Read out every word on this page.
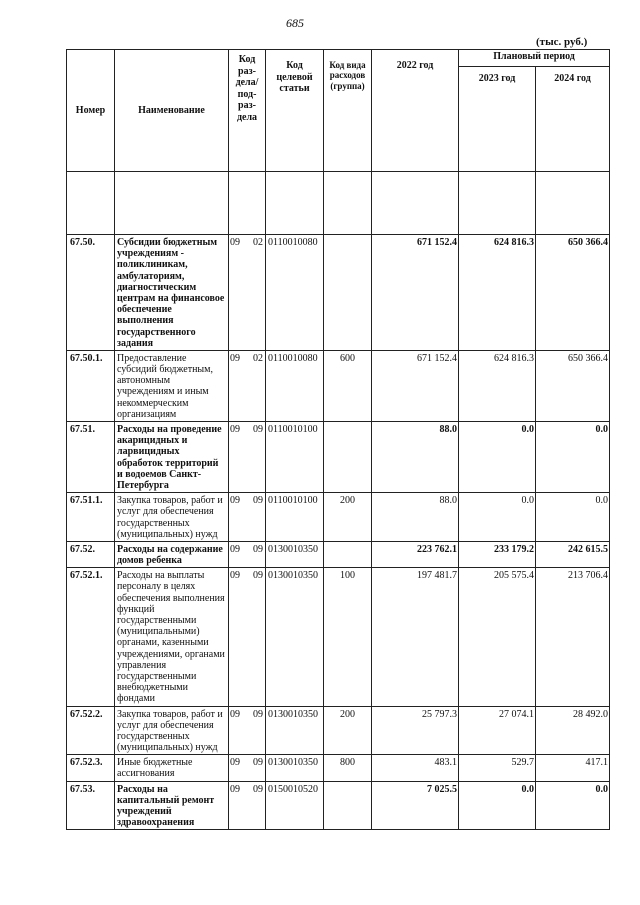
685
(тыс. руб.)
Номер	Наименование	Код раз- дела/ под- раз- дела		Код целевой статьи	Код вида расходов (группа)	2022 год	Плановый период	
							2023 год	2024 год

67.50.	Субсидии бюджетным учреждениям - поликлиникам, амбулаториям, диагностическим центрам на финансовое обеспечение выполнения государственного задания	09	02	0110010080		671 152.4	624 816.3	650 366.4
67.50.1.	Предоставление субсидий бюджетным, автономным учреждениям и иным некоммерческим организациям	09	02	0110010080	600	671 152.4	624 816.3	650 366.4
67.51.	Расходы на проведение акарицидных и ларвицидных обработок территорий и водоемов Санкт-Петербурга	09	09	0110010100		88.0	0.0	0.0
67.51.1.	Закупка товаров, работ и услуг для обеспечения государственных (муниципальных) нужд	09	09	0110010100	200	88.0	0.0	0.0
67.52.	Расходы на содержание домов ребенка	09	09	0130010350		223 762.1	233 179.2	242 615.5
67.52.1.	Расходы на выплаты персоналу в целях обеспечения выполнения функций государственными (муниципальными) органами, казенными учреждениями, органами управления государственными внебюджетными фондами	09	09	0130010350	100	197 481.7	205 575.4	213 706.4
67.52.2.	Закупка товаров, работ и услуг для обеспечения государственных (муниципальных) нужд	09	09	0130010350	200	25 797.3	27 074.1	28 492.0
67.52.3.	Иные бюджетные ассигнования	09	09	0130010350	800	483.1	529.7	417.1
67.53.	Расходы на капитальный ремонт учреждений здравоохранения	09	09	0150010520		7 025.5	0.0	0.0
